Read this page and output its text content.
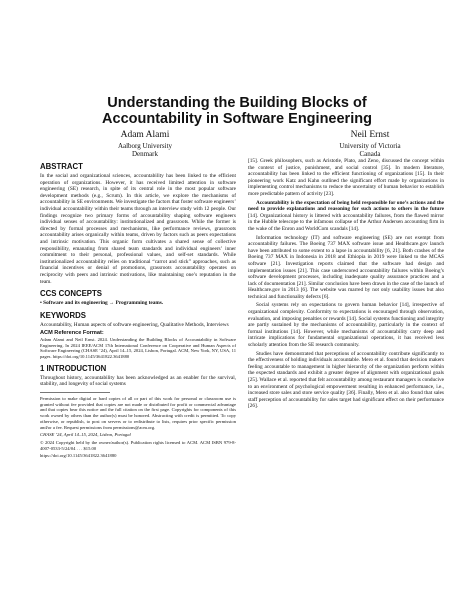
Understanding the Building Blocks of
Accountability in Software Engineering
Adam Alami
Aalborg University
Denmark
Neil Ernst
University of Victoria
Canada
ABSTRACT

In the social and organizational sciences, accountability has been linked to the efficient operation of organizations. However, it has received limited attention in software engineering (SE) research, in spite of its central role in the most popular software development methods (e.g., Scrum). In this article, we explore the mechanisms of accountability in SE environments. We investigate the factors that foster software engineers’ individual accountability within their teams through an interview study with 12 people. Our findings recognize two primary forms of accountability shaping software engineers individual senses of accountability: institutionalized and grassroots. While the former is directed by formal processes and mechanisms, like performance reviews, grassroots accountability arises organically within teams, driven by factors such as peers expectations and intrinsic motivation. This organic form cultivates a shared sense of collective responsibility, emanating from shared team standards and individual engineers’ inner commitment to their personal, professional values, and self-set standards. While institutionalized accountability relies on traditional “carrot and stick” approaches, such as financial incentives or denial of promotions, grassroots accountability operates on reciprocity with peers and intrinsic motivations, like maintaining one’s reputation in the team.

CCS CONCEPTS

• Software and its engineering → Programming teams.

KEYWORDS

Accountability, Human aspects of software engineering, Qualitative Methods, Interviews

ACM Reference Format:

Adam Alami and Neil Ernst. 2024. Understanding the Building Blocks of Accountability in Software Engineering. In 2024 IEEE/ACM 17th International Conference on Cooperative and Human Aspects of Software Engineering (CHASE ’24), April 14–15, 2024, Lisbon, Portugal. ACM, New York, NY, USA, 11 pages. https://doi.org/10.1145/3641822.3641880

1 INTRODUCTION

Throughout history, accountability has been acknowledged as an enabler for the survival, stability, and longevity of social systems

Permission to make digital or hard copies of all or part of this work for personal or classroom use is granted without fee provided that copies are not made or distributed for profit or commercial advantage and that copies bear this notice and the full citation on the first page. Copyrights for components of this work owned by others than the author(s) must be honored. Abstracting with credit is permitted. To copy otherwise, or republish, to post on servers or to redistribute to lists, requires prior specific permission and/or a fee. Request permissions from permissions@acm.org.

CHASE ’24, April 14–15, 2024, Lisbon, Portugal

© 2024 Copyright held by the owner/author(s). Publication rights licensed to ACM. ACM ISBN 979-8-4007-0533-5/24/04 . . . $15.00

https://doi.org/10.1145/3641822.3641880

[15]. Greek philosophers, such as Aristotle, Plato, and Zeno, discussed the concept within the context of justice, punishment, and social control [35]. In modern literature, accountability has been linked to the efficient functioning of organizations [15]. In their pioneering work Katz and Kahn outlined the significant effort made by organizations in implementing control mechanisms to reduce the uncertainty of human behavior to establish more predictable pattern of activity [23].

Accountability is the expectation of being held responsible for one’s actions and the need to provide explanations and reasoning for such actions to others in the future [14]. Organizational history is littered with accountability failures, from the flawed mirror in the Hubble telescope to the infamous collapse of the Arthur Andersen accounting firm in the wake of the Enron and WorldCom scandals [14].

Information technology (IT) and software engineering (SE) are not exempt from accountability failures. The Boeing 737 MAX software issue and Healthcare.gov launch have been attributed to some extent to a lapse in accountability [6, 21]. Both crashes of the Boeing 737 MAX in Indonesia in 2018 and Ethiopia in 2019 were linked to the MCAS software [21]. Investigation reports claimed that the software had design and implementation issues [21]. This case underscored accountability failures within Boeing’s software development processes, including inadequate quality assurance practices and a lack of documentation [21]. Similar conclusion have been drawn in the case of the launch of Healthcare.gov in 2013 [6]. The website was marred by not only usability issues but also technical and functionality defects [6].

Social systems rely on expectations to govern human behavior [14], irrespective of organizational complexity. Conformity to expectations is encouraged through observation, evaluation, and imposing penalties or rewards [14]. Social systems functioning and integrity are partly sustained by the mechanisms of accountability, particularly in the context of formal institutions [14]. However, while mechanisms of accountability carry deep and intricate implications for fundamental organizational operations, it has received less scholarly attention from the SE research community.

Studies have demonstrated that perceptions of accountability contribute significantly to the effectiveness of holding individuals accountable. Mero et al. found that decision makers feeling accountable to management in higher hierarchy of the organization perform within the expected standards and exhibit a greater degree of alignment with organizational goals [25]. Wallace et al. reported that felt accountability among restaurant managers is conducive to an environment of psychological empowerment resulting in enhanced performance, i.e., increased store sales and store service quality [36]. Finally, Mero et al. also found that sales staff perception of accountability for sales target had significant effect on their performance [26].
